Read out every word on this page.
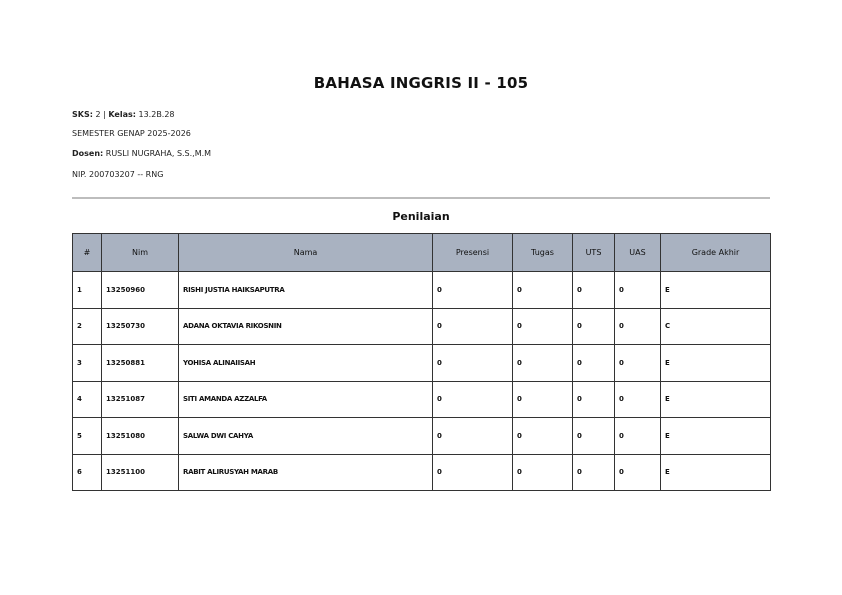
BAHASA INGGRIS II - 105
SKS: 2 | Kelas: 13.2B.28
SEMESTER GENAP 2025-2026
Dosen: RUSLI NUGRAHA, S.S.,M.M
NIP. 200703207 -- RNG
Penilaian
#	Nim	Nama	Presensi	Tugas	UTS	UAS	Grade Akhir
1	13250960	RISHI JUSTIA HAIKSAPUTRA	0	0	0	0	E
2	13250730	ADANA OKTAVIA RIKOSNIN	0	0	0	0	C
3	13250881	YOHISA ALINAIISAH	0	0	0	0	E
4	13251087	SITI AMANDA AZZALFA	0	0	0	0	E
5	13251080	SALWA DWI CAHYA	0	0	0	0	E
6	13251100	RABIT ALIRUSYAH MARAB	0	0	0	0	E
